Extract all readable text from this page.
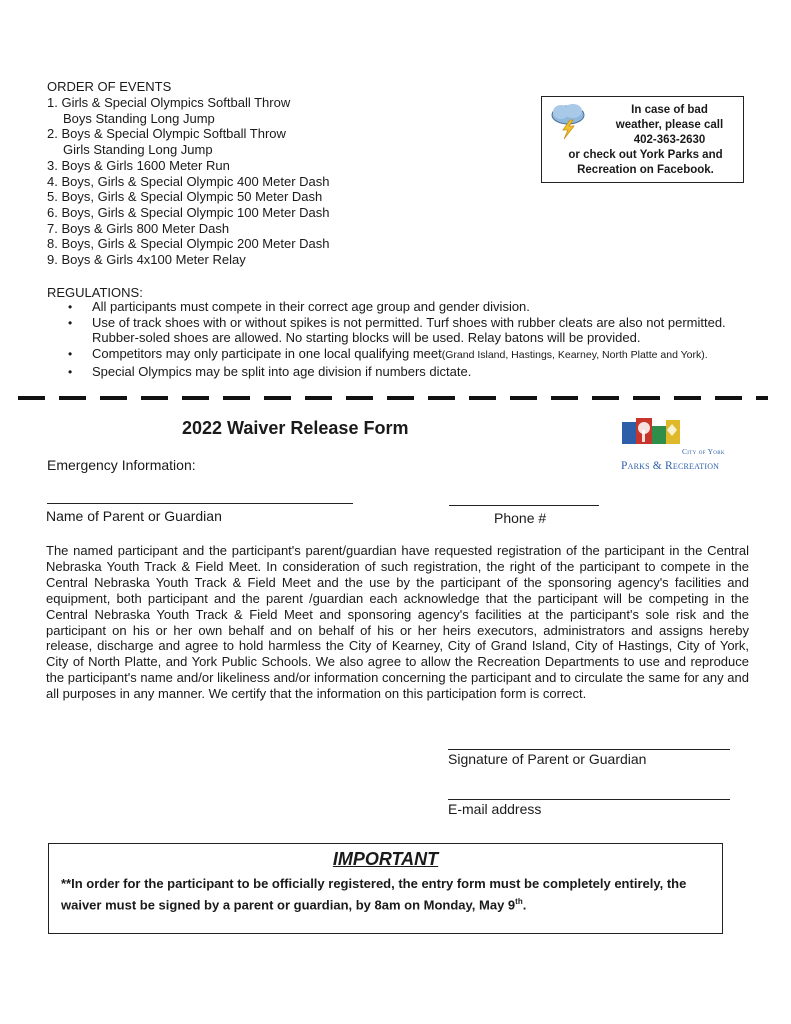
ORDER OF EVENTS
1. Girls & Special Olympics Softball Throw
Boys Standing Long Jump
2. Boys & Special Olympic Softball Throw
Girls Standing Long Jump
3. Boys & Girls 1600 Meter Run
4. Boys, Girls & Special Olympic 400 Meter Dash
5. Boys, Girls & Special Olympic 50 Meter Dash
6. Boys, Girls & Special Olympic 100 Meter Dash
7. Boys & Girls 800 Meter Dash
8. Boys, Girls & Special Olympic 200 Meter Dash
9. Boys & Girls 4x100 Meter Relay
In case of bad
weather, please call
402-363-2630
or check out York Parks and
Recreation on Facebook.
REGULATIONS:
• All participants must compete in their correct age group and gender division.
• Use of track shoes with or without spikes is not permitted. Turf shoes with rubber cleats are also not permitted. Rubber-soled shoes are allowed. No starting blocks will be used. Relay batons will be provided.
• Competitors may only participate in one local qualifying meet(Grand Island, Hastings, Kearney, North Platte and York).
• Special Olympics may be split into age division if numbers dictate.
2022 Waiver Release Form
City of York
Parks & Recreation
Emergency Information:
Name of Parent or Guardian	Phone #
The named participant and the participant's parent/guardian have requested registration of the participant in the Central Nebraska Youth Track & Field Meet. In consideration of such registration, the right of the participant to compete in the Central Nebraska Youth Track & Field Meet and the use by the participant of the sponsoring agency's facilities and equipment, both participant and the parent /guardian each acknowledge that the participant will be competing in the Central Nebraska Youth Track & Field Meet and sponsoring agency's facilities at the participant's sole risk and the participant on his or her own behalf and on behalf of his or her heirs executors, administrators and assigns hereby release, discharge and agree to hold harmless the City of Kearney, City of Grand Island, City of Hastings, City of York, City of North Platte, and York Public Schools. We also agree to allow the Recreation Departments to use and reproduce the participant's name and/or likeliness and/or information concerning the participant and to circulate the same for any and all purposes in any manner. We certify that the information on this participation form is correct.
Signature of Parent or Guardian
E-mail address
IMPORTANT
**In order for the participant to be officially registered, the entry form must be completely entirely, the waiver must be signed by a parent or guardian, by 8am on Monday, May 9th.
